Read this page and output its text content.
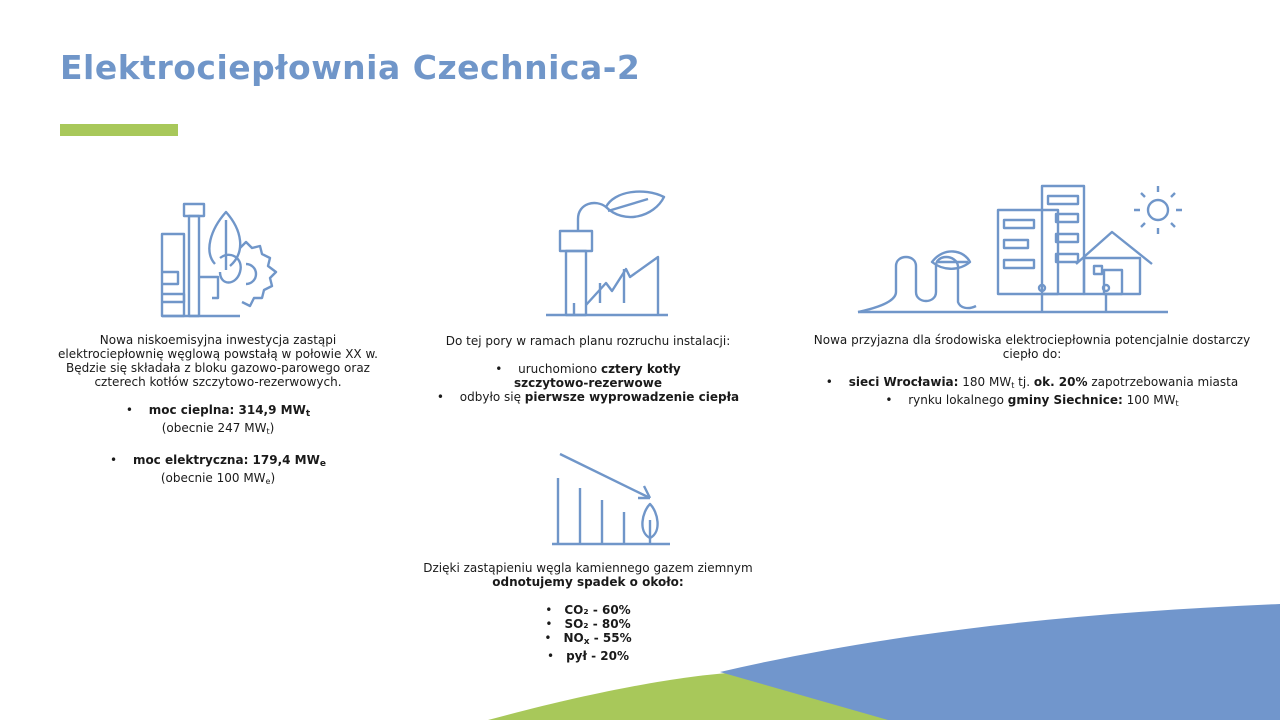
Elektrociepłownia Czechnica-2

Nowa niskoemisyjna inwestycja zastąpi

elektrociepłownię węglową powstałą w połowie XX w.

Będzie się składała z bloku gazowo-parowego oraz

czterech kotłów szczytowo-rezerwowych.

• moc cieplna: 314,9 MWt

(obecnie 247 $MW_t$)

• moc elektryczna: 179,4 MWe

(obecnie 100 $MW_e$)

Do tej pory w ramach planu rozruchu instalacji:

• uruchomiono cztery kotły

szczytowo-rezerwowe

• odbyło się pierwsze wyprowadzenie ciepła

Nowa przyjazna dla środowiska elektrociepłownia potencjalnie dostarczy

ciepło do:

• sieci Wrocławia: 180 $MW_t$ tj. ok. 20% zapotrzebowania miasta
• rynku lokalnego gminy Siechnice: 100 $MW_t$

Dzięki zastąpieniu węgla kamiennego gazem ziemnym

odnotujemy spadek o około:

• CO₂ - 60%
• SO₂ - 80%
• NOx - 55%
• pył - 20%
